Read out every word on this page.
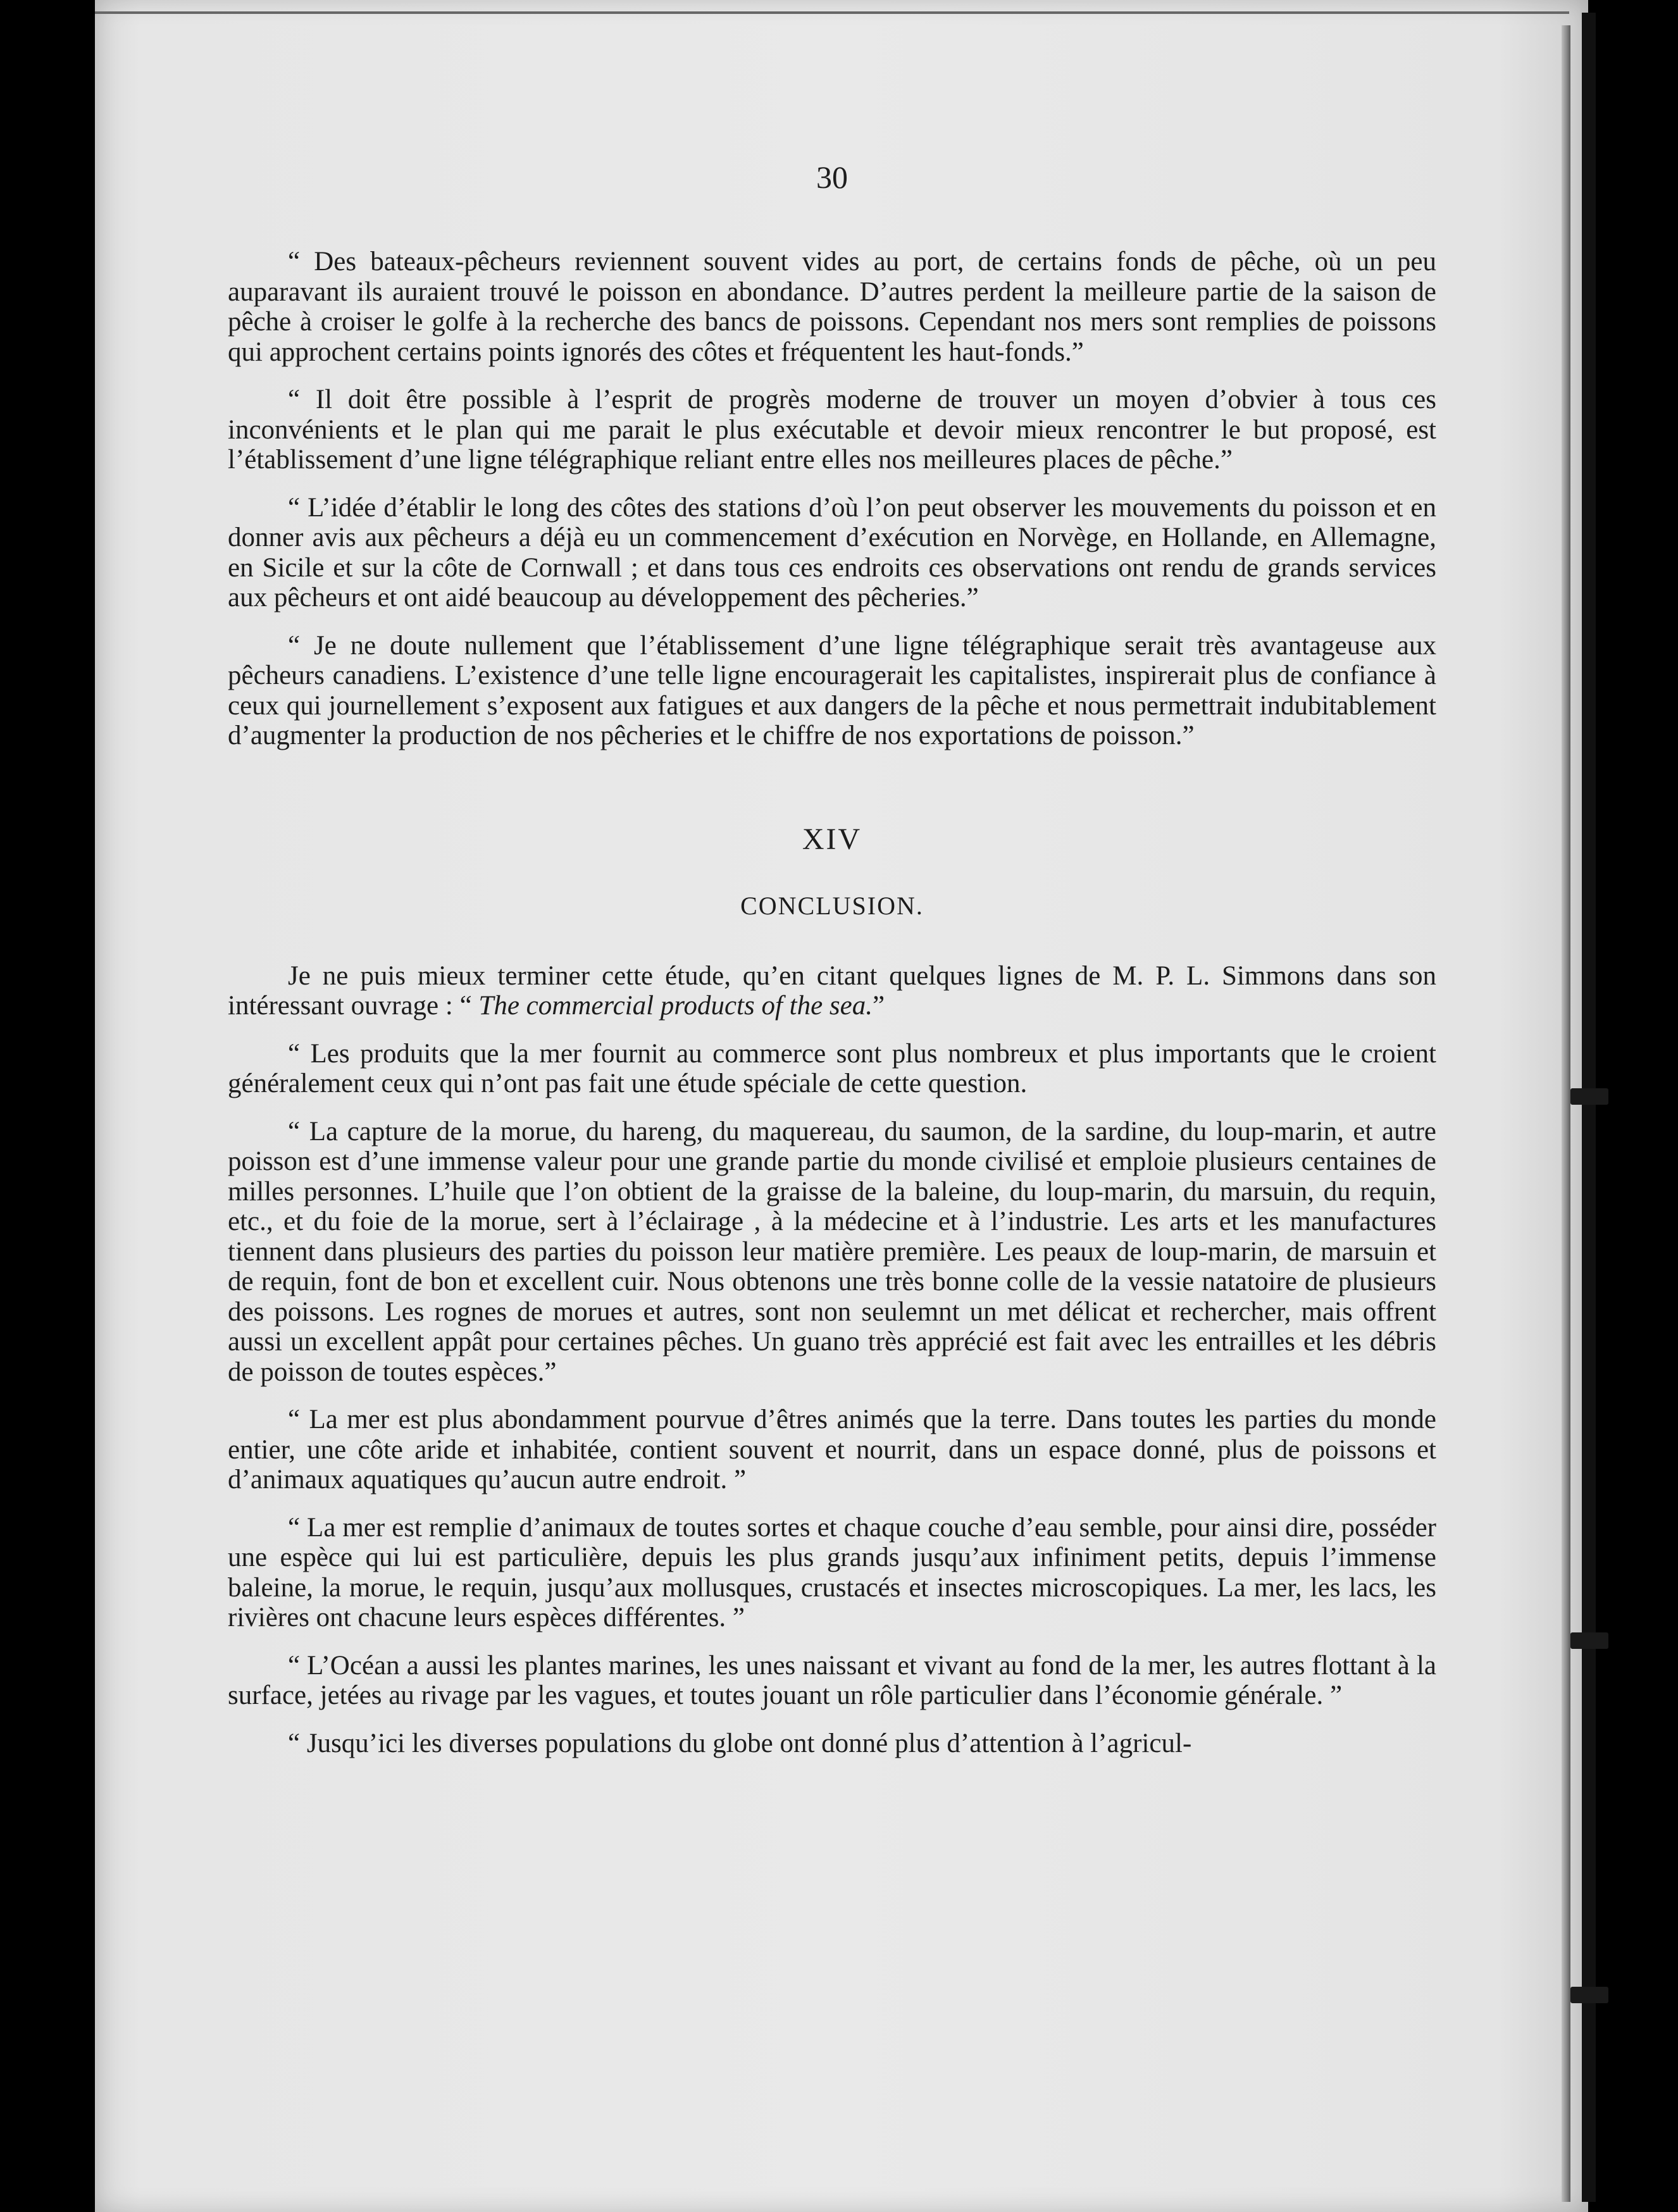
30

“ Des bateaux-pêcheurs reviennent souvent vides au port, de certains fonds de pêche, où un peu auparavant ils auraient trouvé le poisson en abondance. D’autres perdent la meilleure partie de la saison de pêche à croiser le golfe à la recherche des bancs de poissons. Cependant nos mers sont remplies de poissons qui approchent certains points ignorés des côtes et fréquentent les haut-fonds.”

“ Il doit être possible à l’esprit de progrès moderne de trouver un moyen d’obvier à tous ces inconvénients et le plan qui me parait le plus exécutable et devoir mieux rencontrer le but proposé, est l’établissement d’une ligne télégraphique reliant entre elles nos meilleures places de pêche.”

“ L’idée d’établir le long des côtes des stations d’où l’on peut observer les mouvements du poisson et en donner avis aux pêcheurs a déjà eu un commencement d’exécution en Norvège, en Hollande, en Allemagne, en Sicile et sur la côte de Cornwall ; et dans tous ces endroits ces observations ont rendu de grands services aux pêcheurs et ont aidé beaucoup au développement des pêcheries.”

“ Je ne doute nullement que l’établissement d’une ligne télégraphique serait très avantageuse aux pêcheurs canadiens. L’existence d’une telle ligne encouragerait les capitalistes, inspirerait plus de confiance à ceux qui journellement s’exposent aux fatigues et aux dangers de la pêche et nous permettrait indubitablement d’augmenter la production de nos pêcheries et le chiffre de nos exportations de poisson.”

XIV
CONCLUSION.

Je ne puis mieux terminer cette étude, qu’en citant quelques lignes de M. P. L. Simmons dans son intéressant ouvrage : “ The commercial products of the sea.”

“ Les produits que la mer fournit au commerce sont plus nombreux et plus importants que le croient généralement ceux qui n’ont pas fait une étude spéciale de cette question.

“ La capture de la morue, du hareng, du maquereau, du saumon, de la sardine, du loup-marin, et autre poisson est d’une immense valeur pour une grande partie du monde civilisé et emploie plusieurs centaines de milles personnes. L’huile que l’on obtient de la graisse de la baleine, du loup-marin, du marsuin, du requin, etc., et du foie de la morue, sert à l’éclairage , à la médecine et à l’industrie. Les arts et les manufactures tiennent dans plusieurs des parties du poisson leur matière première. Les peaux de loup-marin, de marsuin et de requin, font de bon et excellent cuir. Nous obtenons une très bonne colle de la vessie natatoire de plusieurs des poissons. Les rognes de morues et autres, sont non seulemnt un met délicat et rechercher, mais offrent aussi un excellent appât pour certaines pêches. Un guano très apprécié est fait avec les entrailles et les débris de poisson de toutes espèces.”

“ La mer est plus abondamment pourvue d’êtres animés que la terre. Dans toutes les parties du monde entier, une côte aride et inhabitée, contient souvent et nourrit, dans un espace donné, plus de poissons et d’animaux aquatiques qu’aucun autre endroit. ”

“ La mer est remplie d’animaux de toutes sortes et chaque couche d’eau semble, pour ainsi dire, posséder une espèce qui lui est particulière, depuis les plus grands jusqu’aux infiniment petits, depuis l’immense baleine, la morue, le requin, jusqu’aux mollusques, crustacés et insectes microscopiques. La mer, les lacs, les rivières ont chacune leurs espèces différentes. ”

“ L’Océan a aussi les plantes marines, les unes naissant et vivant au fond de la mer, les autres flottant à la surface, jetées au rivage par les vagues, et toutes jouant un rôle particulier dans l’économie générale. ”

“ Jusqu’ici les diverses populations du globe ont donné plus d’attention à l’agricul-
